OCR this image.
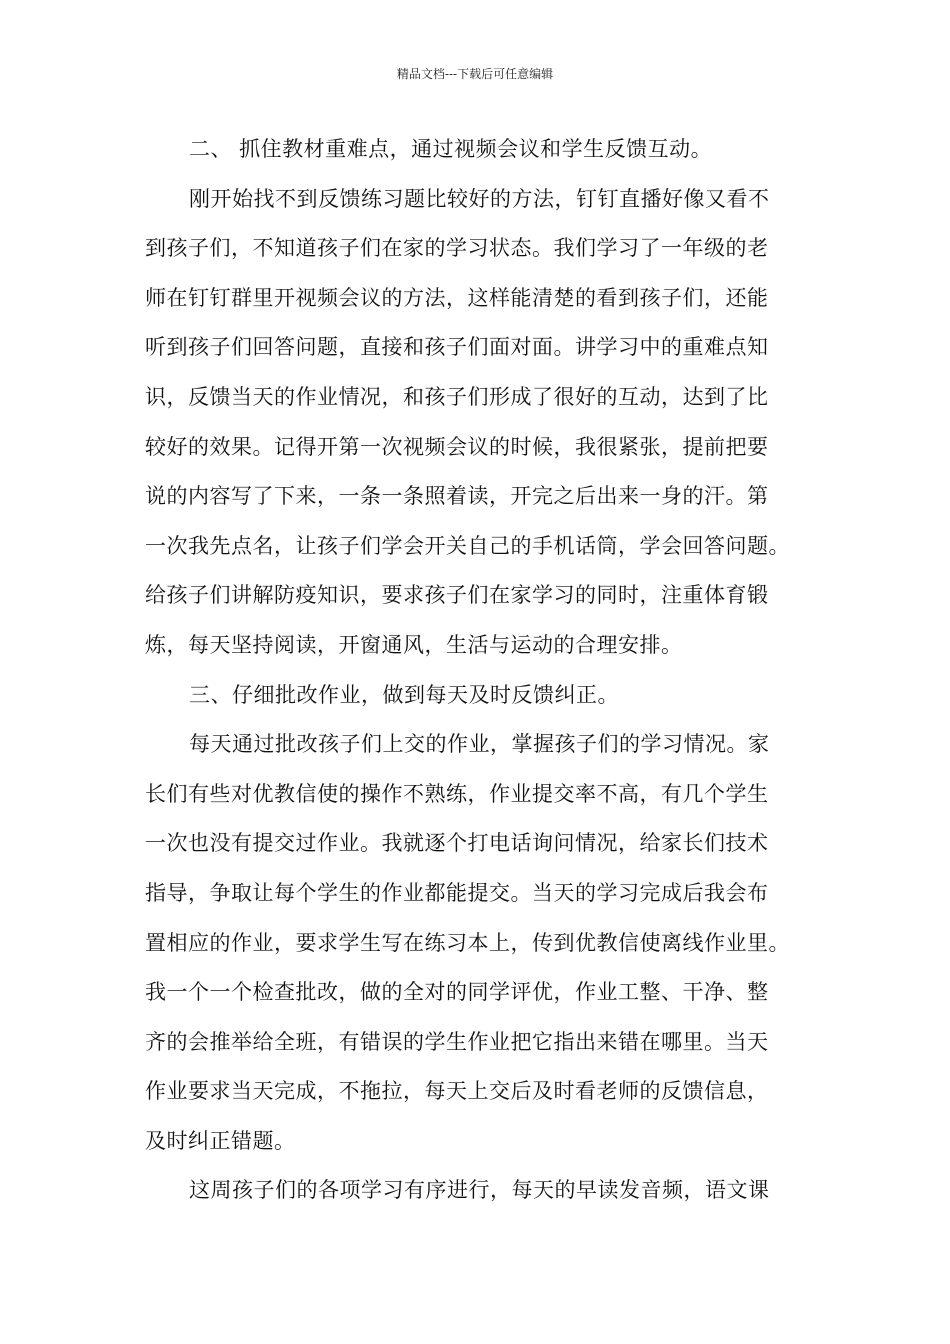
精品文档---下载后可任意编辑
二、 抓住教材重难点，通过视频会议和学生反馈互动。
刚开始找不到反馈练习题比较好的方法，钉钉直播好像又看不
到孩子们，不知道孩子们在家的学习状态。我们学习了一年级的老
师在钉钉群里开视频会议的方法，这样能清楚的看到孩子们，还能
听到孩子们回答问题，直接和孩子们面对面。讲学习中的重难点知
识，反馈当天的作业情况，和孩子们形成了很好的互动，达到了比
较好的效果。记得开第一次视频会议的时候，我很紧张，提前把要
说的内容写了下来，一条一条照着读，开完之后出来一身的汗。第
一次我先点名，让孩子们学会开关自己的手机话筒，学会回答问题。
给孩子们讲解防疫知识，要求孩子们在家学习的同时，注重体育锻
炼，每天坚持阅读，开窗通风，生活与运动的合理安排。
三、仔细批改作业，做到每天及时反馈纠正。
每天通过批改孩子们上交的作业，掌握孩子们的学习情况。家
长们有些对优教信使的操作不熟练，作业提交率不高，有几个学生
一次也没有提交过作业。我就逐个打电话询问情况，给家长们技术
指导，争取让每个学生的作业都能提交。当天的学习完成后我会布
置相应的作业，要求学生写在练习本上，传到优教信使离线作业里。
我一个一个检查批改，做的全对的同学评优，作业工整、干净、整
齐的会推举给全班，有错误的学生作业把它指出来错在哪里。当天
作业要求当天完成，不拖拉，每天上交后及时看老师的反馈信息，
及时纠正错题。
这周孩子们的各项学习有序进行，每天的早读发音频，语文课
